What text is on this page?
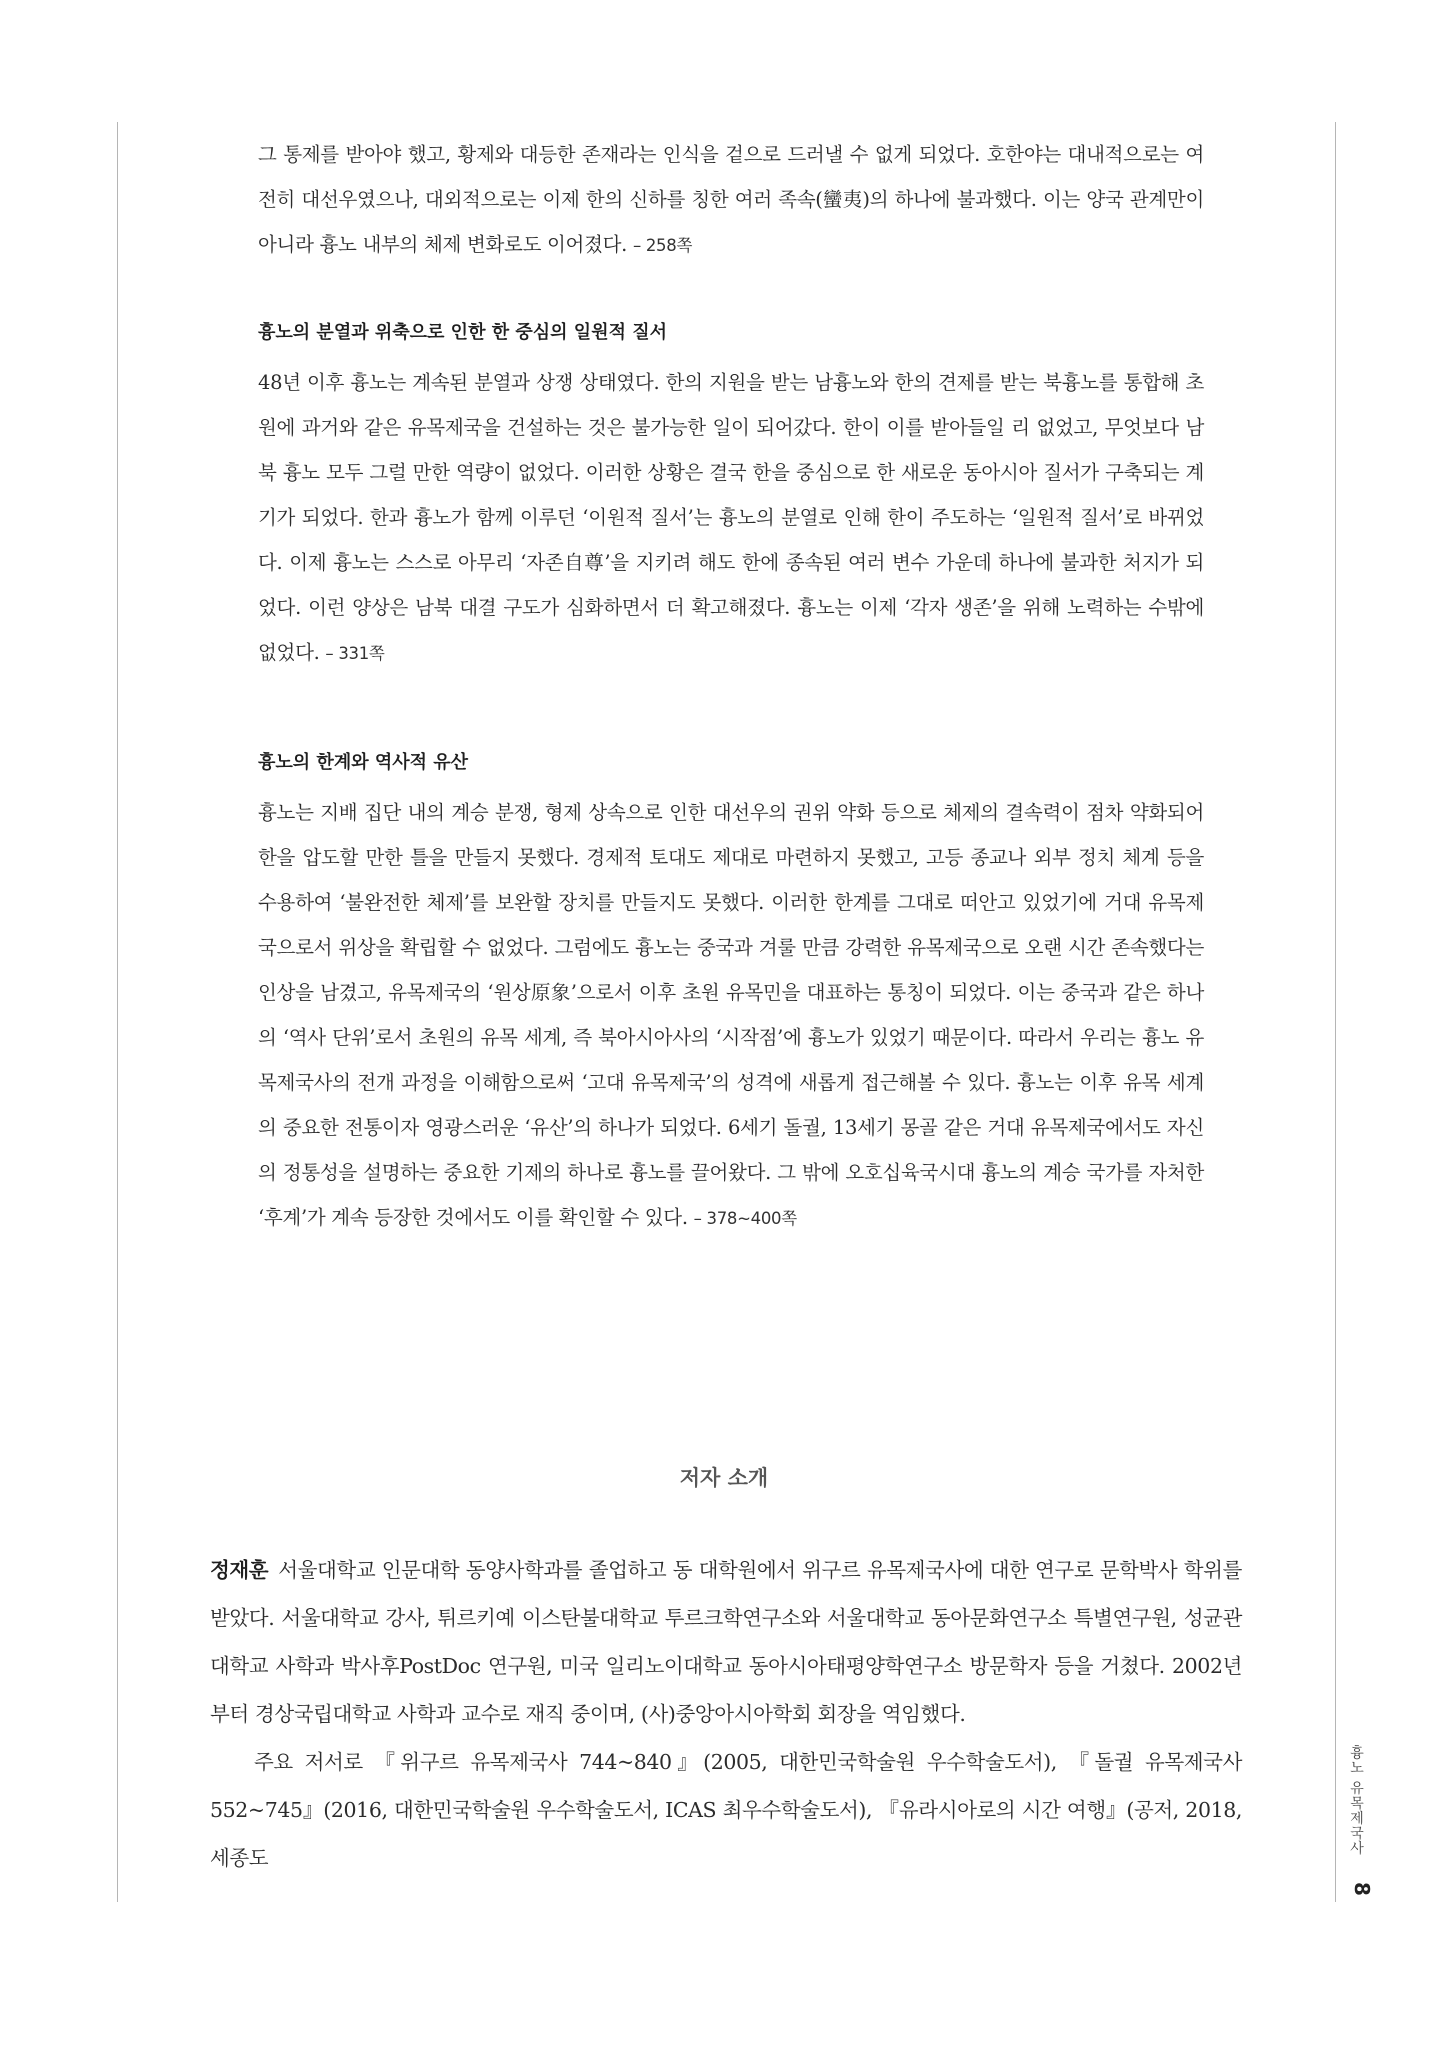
그 통제를 받아야 했고, 황제와 대등한 존재라는 인식을 겉으로 드러낼 수 없게 되었다. 호한야는 대내적으로는 여전히 대선우였으나, 대외적으로는 이제 한의 신하를 칭한 여러 족속(蠻夷)의 하나에 불과했다. 이는 양국 관계만이 아니라 흉노 내부의 체제 변화로도 이어졌다. – 258쪽

흉노의 분열과 위축으로 인한 한 중심의 일원적 질서

48년 이후 흉노는 계속된 분열과 상쟁 상태였다. 한의 지원을 받는 남흉노와 한의 견제를 받는 북흉노를 통합해 초원에 과거와 같은 유목제국을 건설하는 것은 불가능한 일이 되어갔다. 한이 이를 받아들일 리 없었고, 무엇보다 남북 흉노 모두 그럴 만한 역량이 없었다. 이러한 상황은 결국 한을 중심으로 한 새로운 동아시아 질서가 구축되는 계기가 되었다. 한과 흉노가 함께 이루던 ‘이원적 질서’는 흉노의 분열로 인해 한이 주도하는 ‘일원적 질서’로 바뀌었다. 이제 흉노는 스스로 아무리 ‘자존自尊’을 지키려 해도 한에 종속된 여러 변수 가운데 하나에 불과한 처지가 되었다. 이런 양상은 남북 대결 구도가 심화하면서 더 확고해졌다. 흉노는 이제 ‘각자 생존’을 위해 노력하는 수밖에 없었다. – 331쪽

흉노의 한계와 역사적 유산

흉노는 지배 집단 내의 계승 분쟁, 형제 상속으로 인한 대선우의 권위 약화 등으로 체제의 결속력이 점차 약화되어 한을 압도할 만한 틀을 만들지 못했다. 경제적 토대도 제대로 마련하지 못했고, 고등 종교나 외부 정치 체계 등을 수용하여 ‘불완전한 체제’를 보완할 장치를 만들지도 못했다. 이러한 한계를 그대로 떠안고 있었기에 거대 유목제국으로서 위상을 확립할 수 없었다. 그럼에도 흉노는 중국과 겨룰 만큼 강력한 유목제국으로 오랜 시간 존속했다는 인상을 남겼고, 유목제국의 ‘원상原象’으로서 이후 초원 유목민을 대표하는 통칭이 되었다. 이는 중국과 같은 하나의 ‘역사 단위’로서 초원의 유목 세계, 즉 북아시아사의 ‘시작점’에 흉노가 있었기 때문이다. 따라서 우리는 흉노 유목제국사의 전개 과정을 이해함으로써 ‘고대 유목제국’의 성격에 새롭게 접근해볼 수 있다. 흉노는 이후 유목 세계의 중요한 전통이자 영광스러운 ‘유산’의 하나가 되었다. 6세기 돌궐, 13세기 몽골 같은 거대 유목제국에서도 자신의 정통성을 설명하는 중요한 기제의 하나로 흉노를 끌어왔다. 그 밖에 오호십육국시대 흉노의 계승 국가를 자처한 ‘후계’가 계속 등장한 것에서도 이를 확인할 수 있다. – 378~400쪽

저자 소개

정재훈 서울대학교 인문대학 동양사학과를 졸업하고 동 대학원에서 위구르 유목제국사에 대한 연구로 문학박사 학위를 받았다. 서울대학교 강사, 튀르키예 이스탄불대학교 투르크학연구소와 서울대학교 동아문화연구소 특별연구원, 성균관대학교 사학과 박사후PostDoc 연구원, 미국 일리노이대학교 동아시아태평양학연구소 방문학자 등을 거쳤다. 2002년부터 경상국립대학교 사학과 교수로 재직 중이며, (사)중앙아시아학회 회장을 역임했다.

주요 저서로 『위구르 유목제국사 744~840』(2005, 대한민국학술원 우수학술도서), 『돌궐 유목제국사 552~745』(2016, 대한민국학술원 우수학술도서, ICAS 최우수학술도서), 『유라시아로의 시간 여행』(공저, 2018, 세종도

흉노 유목제국사
8
